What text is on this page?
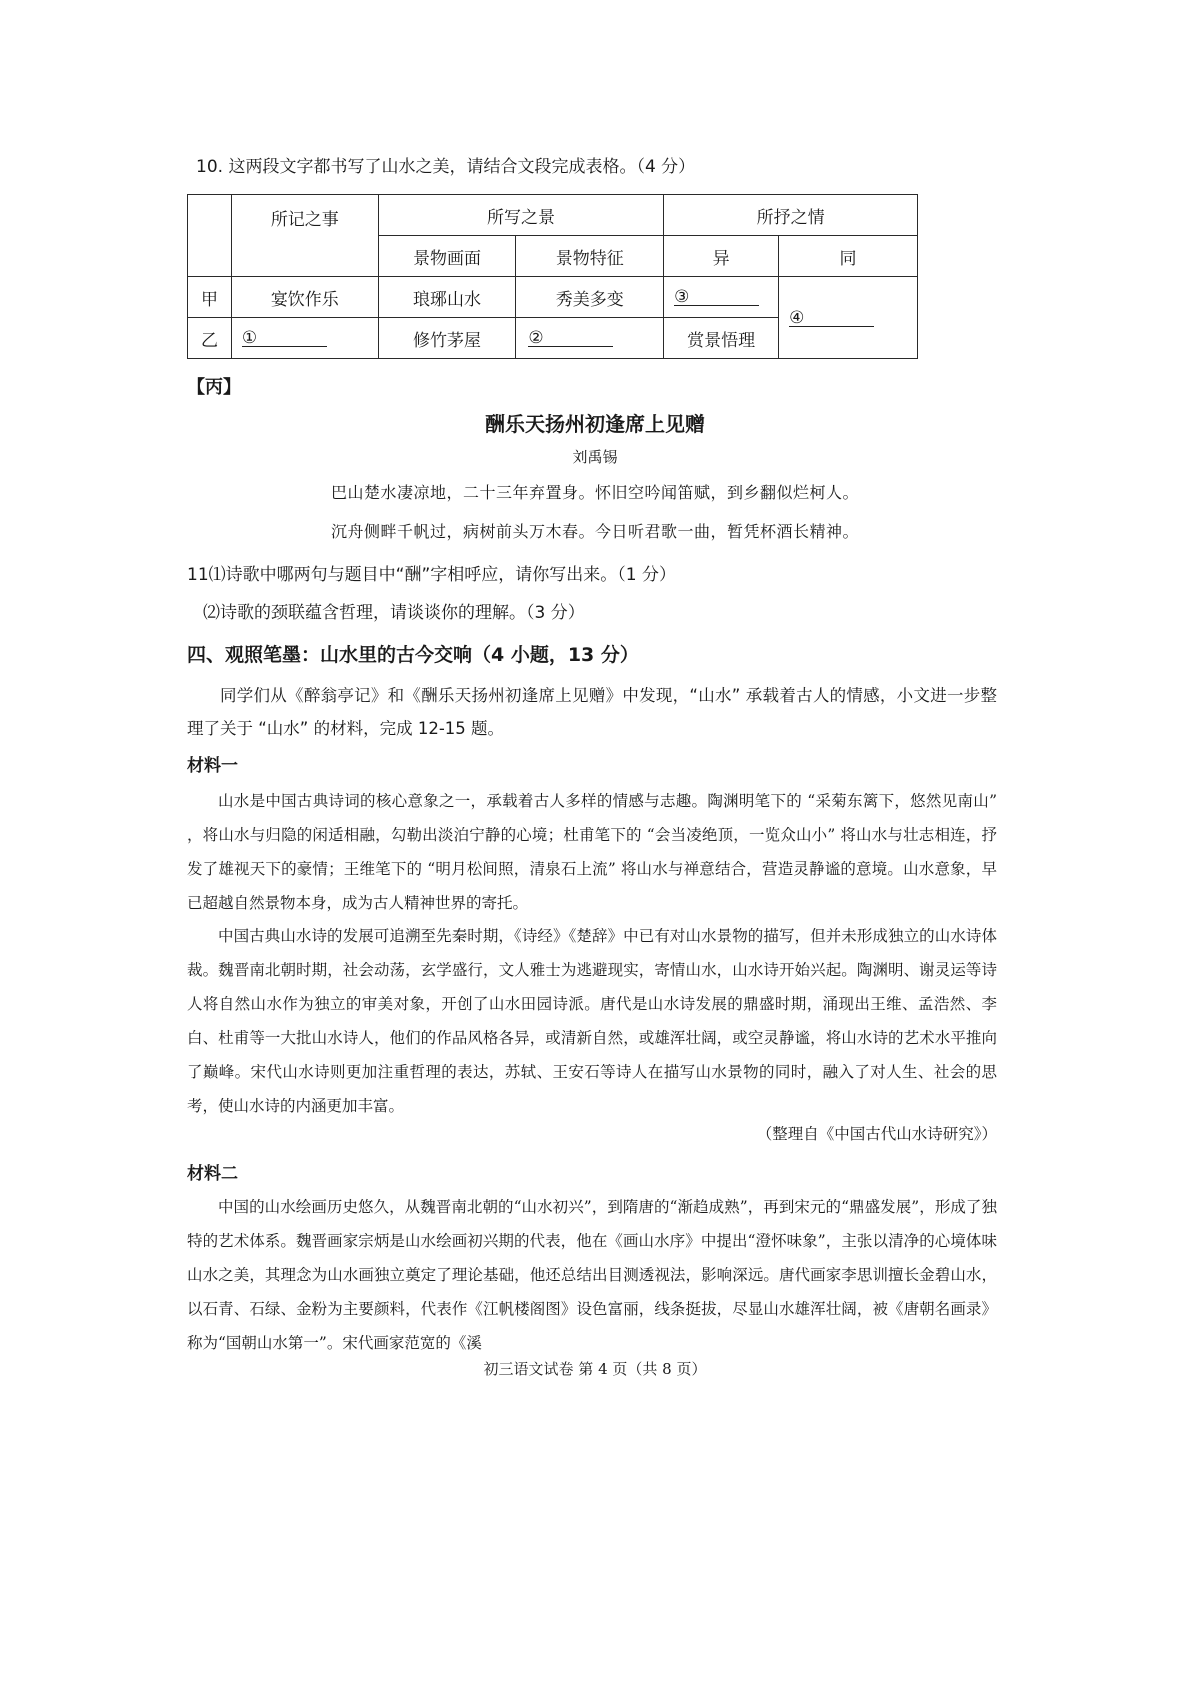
10. 这两段文字都书写了山水之美，请结合文段完成表格。（4 分）
	所记之事	所写之景		所抒之情	
		景物画面	景物特征	异	同
甲	宴饮作乐	琅琊山水	秀美多变	③	④
乙	①	修竹茅屋	②	赏景悟理	
【丙】
酬乐天扬州初逢席上见赠
刘禹锡
巴山楚水凄凉地，二十三年弃置身。怀旧空吟闻笛赋，到乡翻似烂柯人。
沉舟侧畔千帆过，病树前头万木春。今日听君歌一曲，暂凭杯酒长精神。
11⑴诗歌中哪两句与题目中“酬”字相呼应，请你写出来。（1 分）
⑵诗歌的颈联蕴含哲理，请谈谈你的理解。（3 分）
四、观照笔墨：山水里的古今交响（4 小题，13 分）

同学们从《醉翁亭记》和《酬乐天扬州初逢席上见赠》中发现，“山水” 承载着古人的情感，小文进一步整理了关于 “山水” 的材料，完成 12-15 题。

材料一

山水是中国古典诗词的核心意象之一，承载着古人多样的情感与志趣。陶渊明笔下的 “采菊东篱下，悠然见南山” ，将山水与归隐的闲适相融，勾勒出淡泊宁静的心境；杜甫笔下的 “会当凌绝顶，一览众山小” 将山水与壮志相连，抒发了雄视天下的豪情；王维笔下的 “明月松间照，清泉石上流” 将山水与禅意结合，营造灵静谧的意境。山水意象，早已超越自然景物本身，成为古人精神世界的寄托。

中国古典山水诗的发展可追溯至先秦时期，《诗经》《楚辞》中已有对山水景物的描写，但并未形成独立的山水诗体裁。魏晋南北朝时期，社会动荡，玄学盛行，文人雅士为逃避现实，寄情山水，山水诗开始兴起。陶渊明、谢灵运等诗人将自然山水作为独立的审美对象，开创了山水田园诗派。唐代是山水诗发展的鼎盛时期，涌现出王维、孟浩然、李白、杜甫等一大批山水诗人，他们的作品风格各异，或清新自然，或雄浑壮阔，或空灵静谧，将山水诗的艺术水平推向了巅峰。宋代山水诗则更加注重哲理的表达，苏轼、王安石等诗人在描写山水景物的同时，融入了对人生、社会的思考，使山水诗的内涵更加丰富。

（整理自《中国古代山水诗研究》）
材料二

中国的山水绘画历史悠久，从魏晋南北朝的“山水初兴”，到隋唐的“渐趋成熟”，再到宋元的“鼎盛发展”，形成了独特的艺术体系。魏晋画家宗炳是山水绘画初兴期的代表，他在《画山水序》中提出“澄怀味象”，主张以清净的心境体味山水之美，其理念为山水画独立奠定了理论基础，他还总结出目测透视法，影响深远。唐代画家李思训擅长金碧山水，以石青、石绿、金粉为主要颜料，代表作《江帆楼阁图》设色富丽，线条挺拔，尽显山水雄浑壮阔，被《唐朝名画录》称为“国朝山水第一”。宋代画家范宽的《溪

初三语文试卷 第 4 页（共 8 页）
